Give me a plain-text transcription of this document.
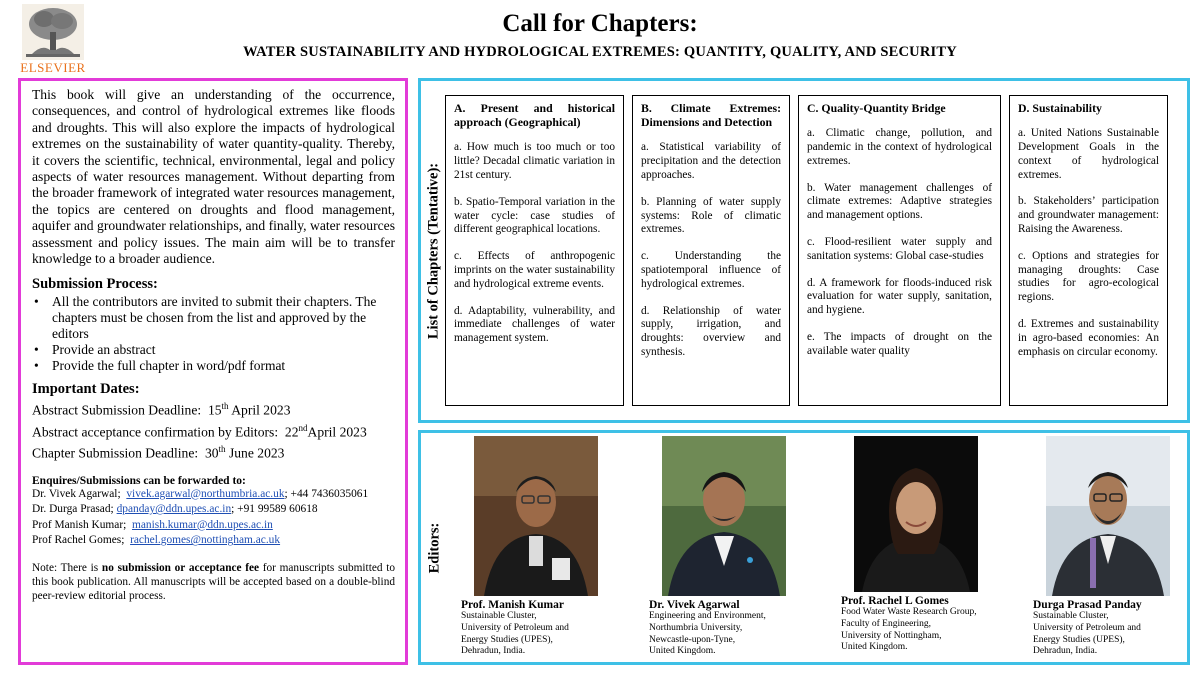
ELSEVIER
Call for Chapters:
WATER SUSTAINABILITY AND HYDROLOGICAL EXTREMES: QUANTITY, QUALITY, AND SECURITY

This book will give an understanding of the occurrence, consequences, and control of hydrological extremes like floods and droughts. This will also explore the impacts of hydrological extremes on the sustainability of water quantity-quality. Thereby, it covers the scientific, technical, environmental, legal and policy aspects of water resources management. Without departing from the broader framework of integrated water resources management, the topics are centered on droughts and flood management, aquifer and groundwater relationships, and finally, water resources assessment and policy issues. The main aim will be to transfer knowledge to a broader audience.

Submission Process:
• All the contributors are invited to submit their chapters. The chapters must be chosen from the list and approved by the editors
• Provide an abstract
• Provide the full chapter in word/pdf format
Important Dates:
Abstract Submission Deadline: 15th April 2023
Abstract acceptance confirmation by Editors: 22ndApril 2023
Chapter Submission Deadline: 30th June 2023
Enquires/Submissions can be forwarded to:
Dr. Vivek Agarwal; vivek.agarwal@northumbria.ac.uk; +44 7436035061
Dr. Durga Prasad; dpanday@ddn.upes.ac.in; +91 99589 60618
Prof Manish Kumar; manish.kumar@ddn.upes.ac.in
Prof Rachel Gomes; rachel.gomes@nottingham.ac.uk

Note: There is no submission or acceptance fee for manuscripts submitted to this book publication. All manuscripts will be accepted based on a double-blind peer-review editorial process.

List of Chapters (Tentative):
A. Present and historical approach (Geographical)
a. How much is too much or too little? Decadal climatic variation in 21st century.
b. Spatio-Temporal variation in the water cycle: case studies of different geographical locations.
c. Effects of anthropogenic imprints on the water sustainability and hydrological extreme events.
d. Adaptability, vulnerability, and immediate challenges of water management system.
B. Climate Extremes: Dimensions and Detection
a. Statistical variability of precipitation and the detection approaches.
b. Planning of water supply systems: Role of climatic extremes.
c. Understanding the spatiotemporal influence of hydrological extremes.
d. Relationship of water supply, irrigation, and droughts: overview and synthesis.
C. Quality-Quantity Bridge
a. Climatic change, pollution, and pandemic in the context of hydrological extremes.
b. Water management challenges of climate extremes: Adaptive strategies and management options.
c. Flood-resilient water supply and sanitation systems: Global case-studies
d. A framework for floods-induced risk evaluation for water supply, sanitation, and hygiene.
e. The impacts of drought on the available water quality
D. Sustainability
a. United Nations Sustainable Development Goals in the context of hydrological extremes.
b. Stakeholders’ participation and groundwater management: Raising the Awareness.
c. Options and strategies for managing droughts: Case studies for agro-ecological regions.
d. Extremes and sustainability in agro-based economies: An emphasis on circular economy.
Editors:
Prof. Manish Kumar
Sustainable Cluster,
University of Petroleum and
Energy Studies (UPES),
Dehradun, India.
Dr. Vivek Agarwal
Engineering and Environment,
Northumbria University,
Newcastle-upon-Tyne,
United Kingdom.
Prof. Rachel L Gomes
Food Water Waste Research Group,
Faculty of Engineering,
University of Nottingham,
United Kingdom.
Durga Prasad Panday
Sustainable Cluster,
University of Petroleum and
Energy Studies (UPES),
Dehradun, India.
